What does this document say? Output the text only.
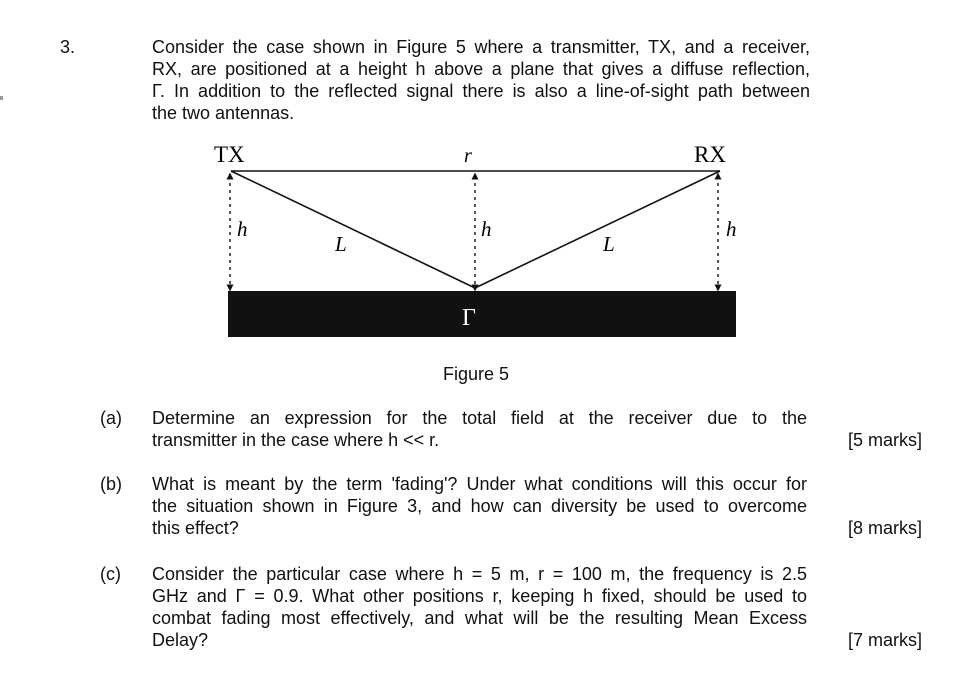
3.	Consider the case shown in Figure 5 where a transmitter, TX, and a receiver,
RX, are positioned at a height h above a plane that gives a diffuse reflection,
Γ. In addition to the reflected signal there is also a line-of-sight path between
the two antennas.
TX	RX
r
h	h	h
L	L
Γ
Figure 5
(a) Determine an expression for the total field at the receiver due to the
transmitter in the case where h << r.	[5 marks]
(b) What is meant by the term 'fading'? Under what conditions will this occur for
the situation shown in Figure 3, and how can diversity be used to overcome
this effect?	[8 marks]
(c) Consider the particular case where h = 5 m, r = 100 m, the frequency is 2.5
GHz and Γ = 0.9. What other positions r, keeping h fixed, should be used to
combat fading most effectively, and what will be the resulting Mean Excess
Delay?	[7 marks]
